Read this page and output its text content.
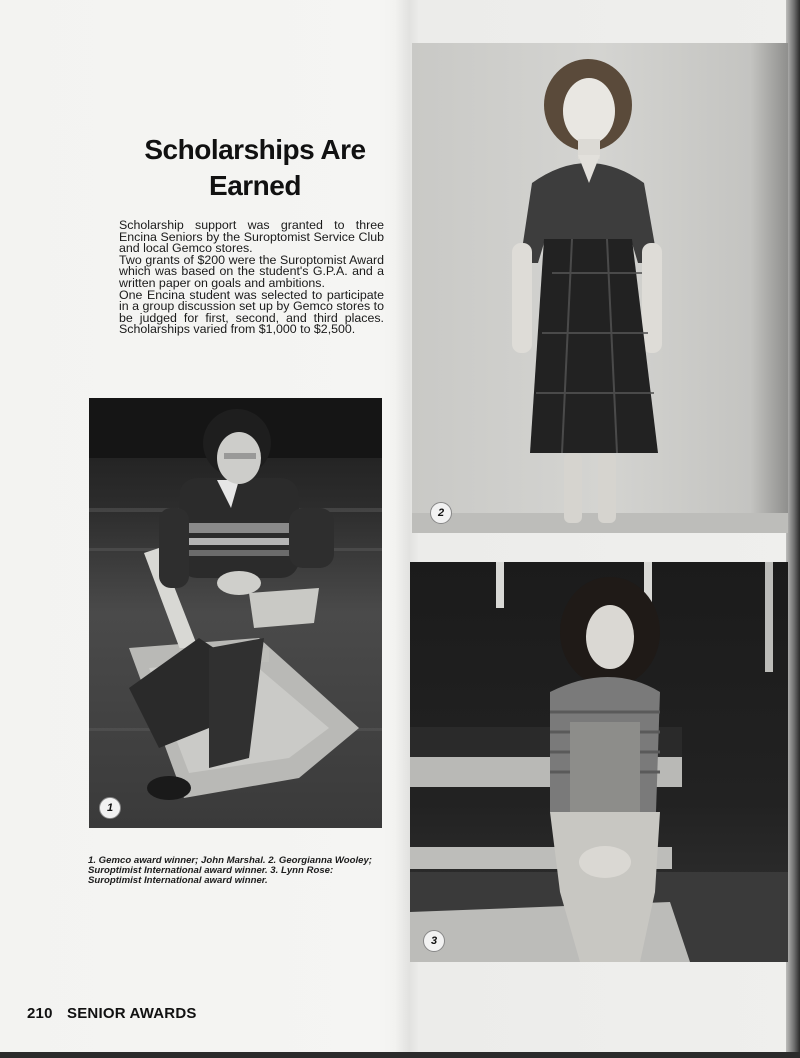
Scholarships Are
Earned

Scholarship support was granted to three Encina Seniors by the Suroptomist Service Club and local Gemco stores.

Two grants of $200 were the Suroptomist Award which was based on the student's G.P.A. and a written paper on goals and ambitions.

One Encina student was selected to participate in a group discussion set up by Gemco stores to be judged for first, second, and third places. Scholarships varied from $1,000 to $2,500.

1
2
3
1. Gemco award winner; John Marshal. 2. Georgianna Wooley; Suroptimist International award winner. 3. Lynn Rose: Suroptimist International award winner.
210 SENIOR AWARDS
